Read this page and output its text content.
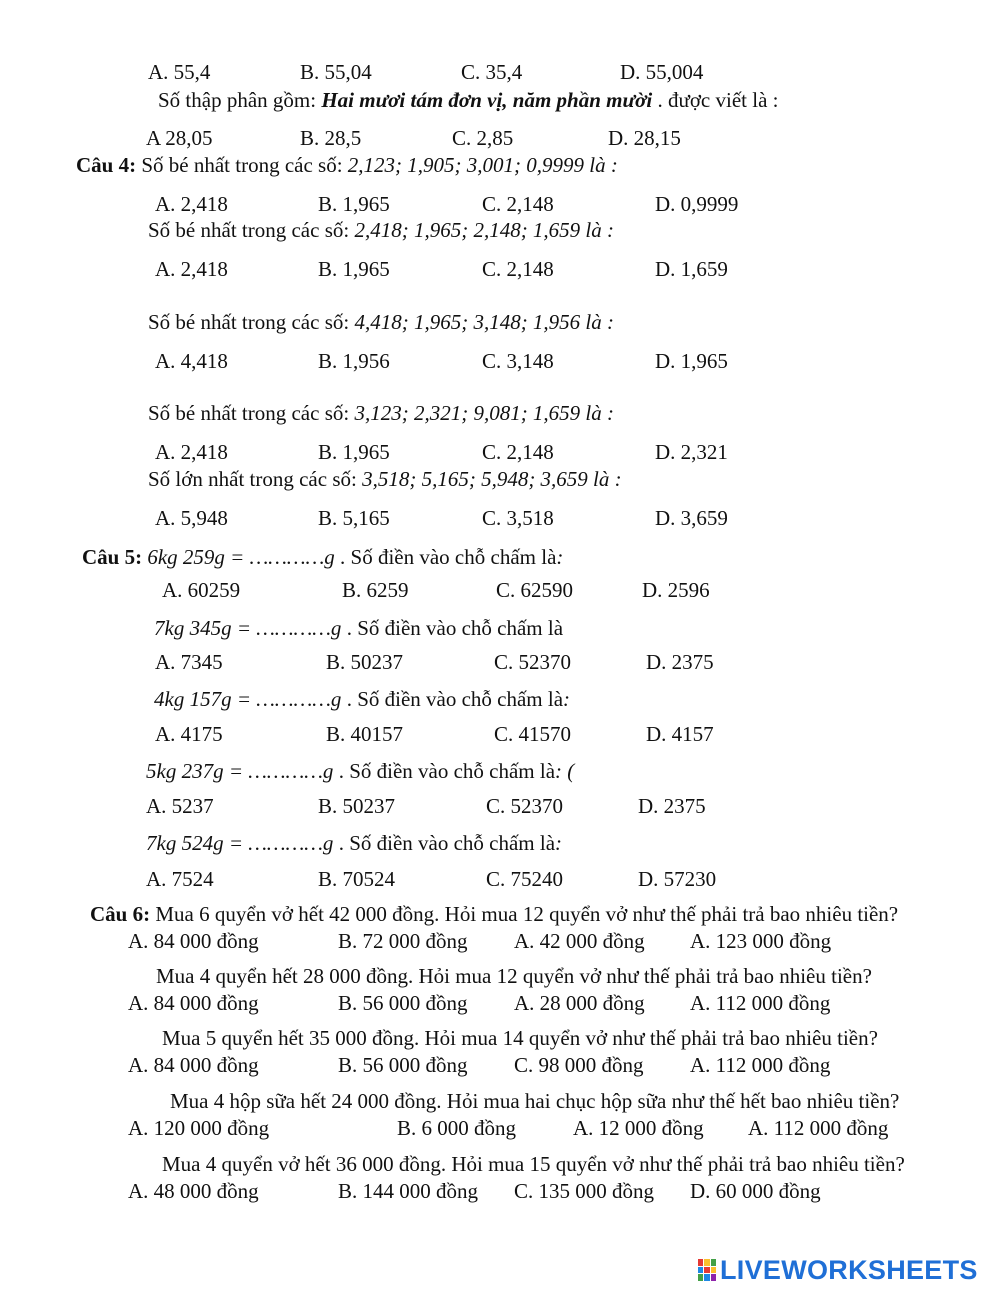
A. 55,4	B. 55,04	C. 35,4	D. 55,004
Số thập phân gồm: Hai mươi tám đơn vị, năm phần mười . được viết là :
A 28,05	B. 28,5	C. 2,85	D. 28,15
Câu 4: Số bé nhất trong các số: 2,123; 1,905; 3,001; 0,9999 là :
A. 2,418	B. 1,965	C. 2,148	D. 0,9999
Số bé nhất trong các số: 2,418; 1,965; 2,148; 1,659 là :
A. 2,418	B. 1,965	C. 2,148	D. 1,659
Số bé nhất trong các số: 4,418; 1,965; 3,148; 1,956 là :
A. 4,418	B. 1,956	C. 3,148	D. 1,965
Số bé nhất trong các số: 3,123; 2,321; 9,081; 1,659 là :
A. 2,418	B. 1,965	C. 2,148	D. 2,321
Số lớn nhất trong các số: 3,518; 5,165; 5,948; 3,659 là :
A. 5,948	B. 5,165	C. 3,518	D. 3,659
Câu 5: 6kg 259g = …………g . Số điền vào chỗ chấm là:
A. 60259	B. 6259	C. 62590	D. 2596
7kg 345g = …………g . Số điền vào chỗ chấm là
A. 7345	B. 50237	C. 52370	D. 2375
4kg 157g = …………g . Số điền vào chỗ chấm là:
A. 4175	B. 40157	C. 41570	D. 4157
5kg 237g = …………g . Số điền vào chỗ chấm là: (
A. 5237	B. 50237	C. 52370	D. 2375
7kg 524g = …………g . Số điền vào chỗ chấm là:
A. 7524	B. 70524	C. 75240	D. 57230
Câu 6: Mua 6 quyển vở hết 42 000 đồng. Hỏi mua 12 quyển vở như thế phải trả bao nhiêu tiền?
A. 84 000 đồng	B. 72 000 đồng A. 42 000 đồng A. 123 000 đồng
Mua 4 quyển hết 28 000 đồng. Hỏi mua 12 quyển vở như thế phải trả bao nhiêu tiền?
A. 84 000 đồng	B. 56 000 đồng A. 28 000 đồng A. 112 000 đồng
Mua 5 quyển hết 35 000 đồng. Hỏi mua 14 quyển vở như thế phải trả bao nhiêu tiền?
A. 84 000 đồng	B. 56 000 đồng C. 98 000 đồng A. 112 000 đồng
Mua 4 hộp sữa hết 24 000 đồng. Hỏi mua hai chục hộp sữa như thế hết bao nhiêu tiền?
A. 120 000 đồng	B. 6 000 đồng	A. 12 000 đồng A. 112 000 đồng
Mua 4 quyển vở hết 36 000 đồng. Hỏi mua 15 quyển vở như thế phải trả bao nhiêu tiền?
A. 48 000 đồng	B. 144 000 đồng C. 135 000 đồng D. 60 000 đồng
LIVEWORKSHEETS
